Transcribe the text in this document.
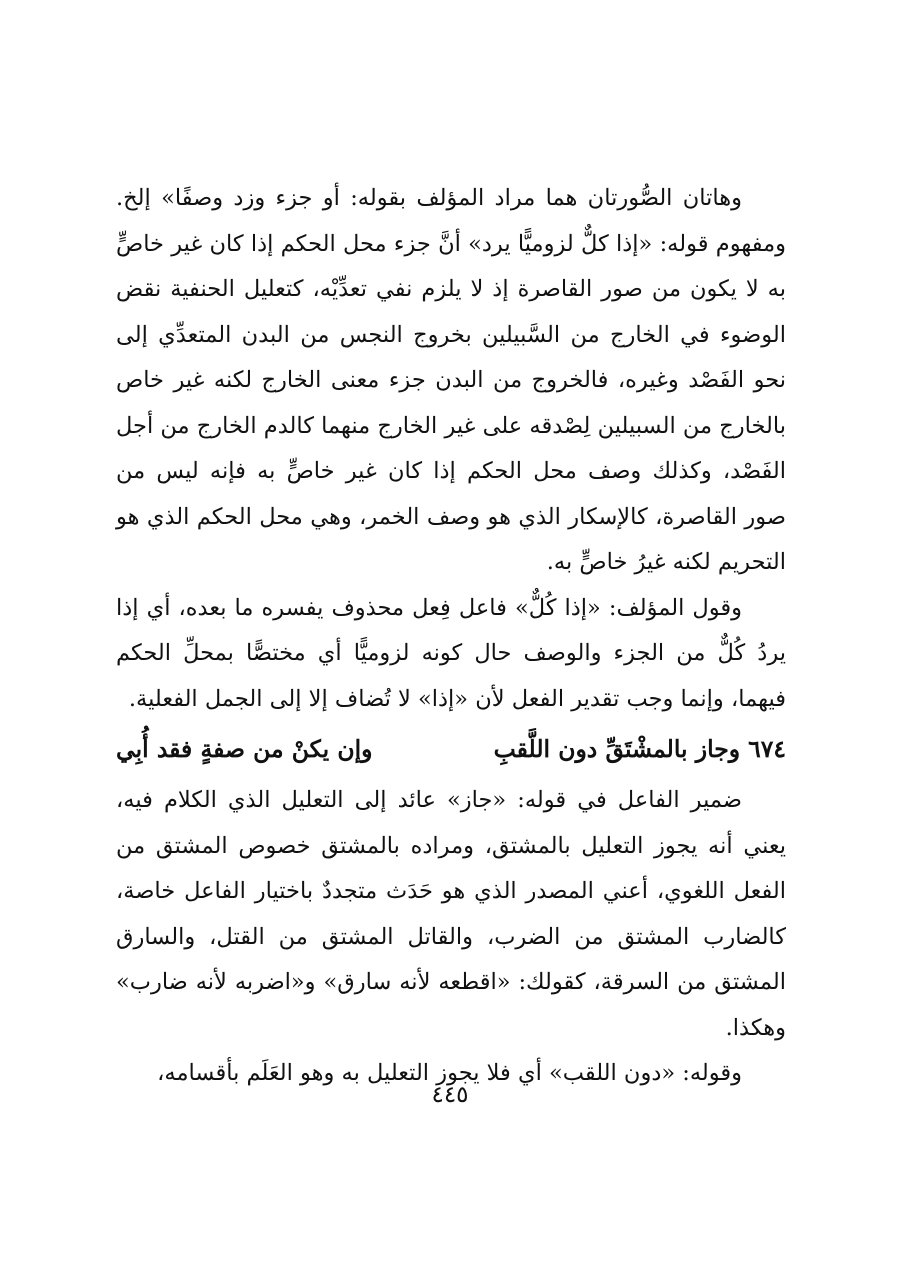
وهاتان الصُّورتان هما مراد المؤلف بقوله: أو جزء وزد وصفًا» إلخ. ومفهوم قوله: «إذا كلٌّ لزوميًّا يرد» أنَّ جزء محل الحكم إذا كان غير خاصٍّ به لا يكون من صور القاصرة إذ لا يلزم نفي تعدِّيْه، كتعليل الحنفية نقض الوضوء في الخارج من السَّبيلين بخروج النجس من البدن المتعدِّي إلى نحو الفَصْد وغيره، فالخروج من البدن جزء معنى الخارج لكنه غير خاص بالخارج من السبيلين لِصْدقه على غير الخارج منهما كالدم الخارج من أجل الفَصْد، وكذلك وصف محل الحكم إذا كان غير خاصٍّ به فإنه ليس من صور القاصرة، كالإسكار الذي هو وصف الخمر، وهي محل الحكم الذي هو التحريم لكنه غيرُ خاصٍّ به.

وقول المؤلف: «إذا كُلٌّ» فاعل فِعل محذوف يفسره ما بعده، أي إذا يردُ كُلٌّ من الجزء والوصف حال كونه لزوميًّا أي مختصًّا بمحلِّ الحكم فيهما، وإنما وجب تقدير الفعل لأن «إذا» لا تُضاف إلا إلى الجمل الفعلية.

٦٧٤
وجاز بالمشْتَقِّ دون اللَّقبِ
وإن يكنْ من صفةٍ فقد أُبِي

ضمير الفاعل في قوله: «جاز» عائد إلى التعليل الذي الكلام فيه، يعني أنه يجوز التعليل بالمشتق، ومراده بالمشتق خصوص المشتق من الفعل اللغوي، أعني المصدر الذي هو حَدَث متجددٌ باختيار الفاعل خاصة، كالضارب المشتق من الضرب، والقاتل المشتق من القتل، والسارق المشتق من السرقة، كقولك: «اقطعه لأنه سارق» و«اضربه لأنه ضارب» وهكذا.

وقوله: «دون اللقب» أي فلا يجوز التعليل به وهو العَلَم بأقسامه،

٤٤٥
